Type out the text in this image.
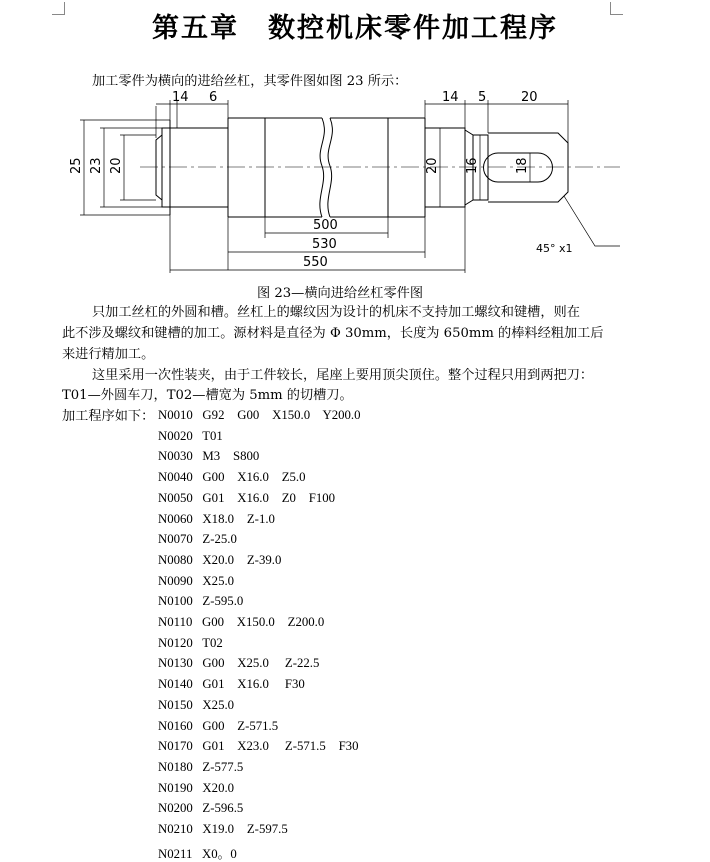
第五章　数控机床零件加工程序
加工零件为横向的进给丝杠，其零件图如图 23 所示：
14 6	14 5	20
25 23 20	20 16	18
500
530
550
45° x1
图 23—横向进给丝杠零件图
只加工丝杠的外圆和槽。丝杠上的螺纹因为设计的机床不支持加工螺纹和键槽，则在
此不涉及螺纹和键槽的加工。源材料是直径为 Φ 30mm，长度为 650mm 的棒料经粗加工后
来进行精加工。
这里采用一次性装夹，由于工件较长，尾座上要用顶尖顶住。整个过程只用到两把刀：
T01—外圆车刀，T02—槽宽为 5mm 的切槽刀。
加工程序如下： N0010   G92    G00    X150.0    Y200.0
N0020   T01
N0030   M3    S800
N0040   G00    X16.0    Z5.0
N0050   G01    X16.0    Z0    F100
N0060   X18.0    Z-1.0
N0070   Z-25.0
N0080   X20.0    Z-39.0
N0090   X25.0
N0100   Z-595.0
N0110   G00    X150.0    Z200.0
N0120   T02
N0130   G00    X25.0     Z-22.5
N0140   G01    X16.0     F30
N0150   X25.0
N0160   G00    Z-571.5
N0170   G01    X23.0     Z-571.5    F30
N0180   Z-577.5
N0190   X20.0
N0200   Z-596.5
N0210   X19.0    Z-597.5
N0211   X0。0
